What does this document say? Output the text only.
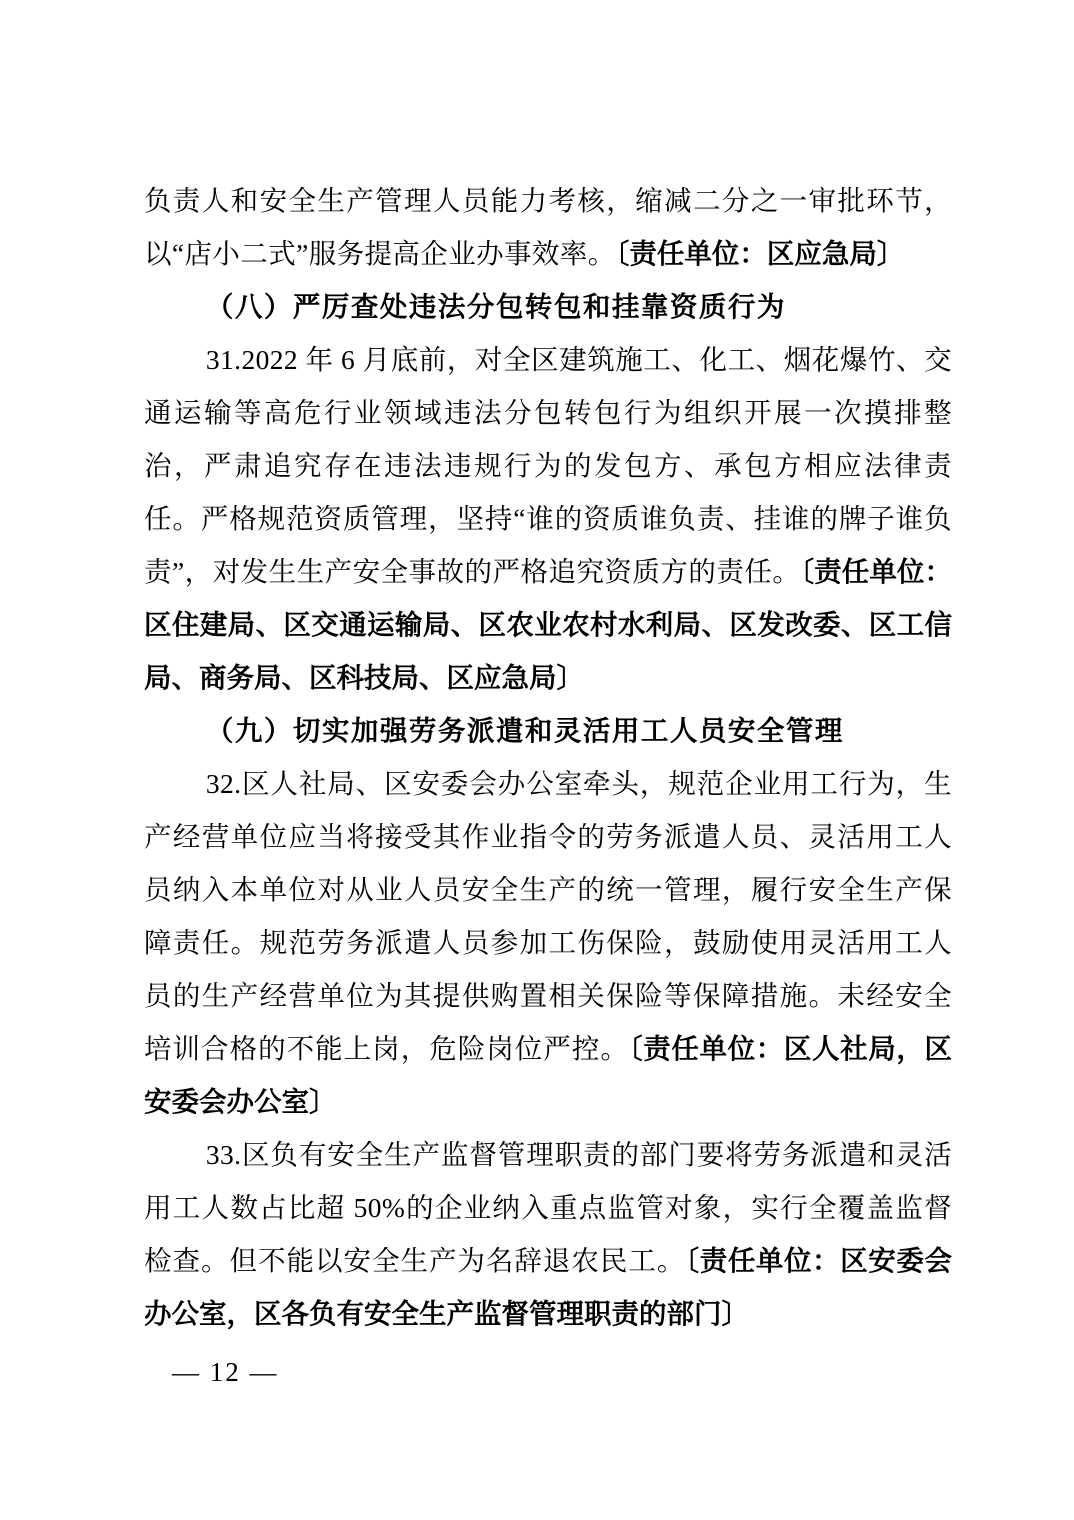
负责人和安全生产管理人员能力考核，缩减二分之一审批环节，以“店小二式”服务提高企业办事效率。〔责任单位：区应急局〕
（八）严厉查处违法分包转包和挂靠资质行为
31.2022 年 6 月底前，对全区建筑施工、化工、烟花爆竹、交通运输等高危行业领域违法分包转包行为组织开展一次摸排整治，严肃追究存在违法违规行为的发包方、承包方相应法律责任。严格规范资质管理，坚持“谁的资质谁负责、挂谁的牌子谁负责”，对发生生产安全事故的严格追究资质方的责任。〔责任单位：区住建局、区交通运输局、区农业农村水利局、区发改委、区工信局、商务局、区科技局、区应急局〕
（九）切实加强劳务派遣和灵活用工人员安全管理
32.区人社局、区安委会办公室牵头，规范企业用工行为，生产经营单位应当将接受其作业指令的劳务派遣人员、灵活用工人员纳入本单位对从业人员安全生产的统一管理，履行安全生产保障责任。规范劳务派遣人员参加工伤保险，鼓励使用灵活用工人员的生产经营单位为其提供购置相关保险等保障措施。未经安全培训合格的不能上岗，危险岗位严控。〔责任单位：区人社局，区安委会办公室〕
33.区负有安全生产监督管理职责的部门要将劳务派遣和灵活用工人数占比超 50%的企业纳入重点监管对象，实行全覆盖监督检查。但不能以安全生产为名辞退农民工。〔责任单位：区安委会办公室，区各负有安全生产监督管理职责的部门〕
— 12 —
